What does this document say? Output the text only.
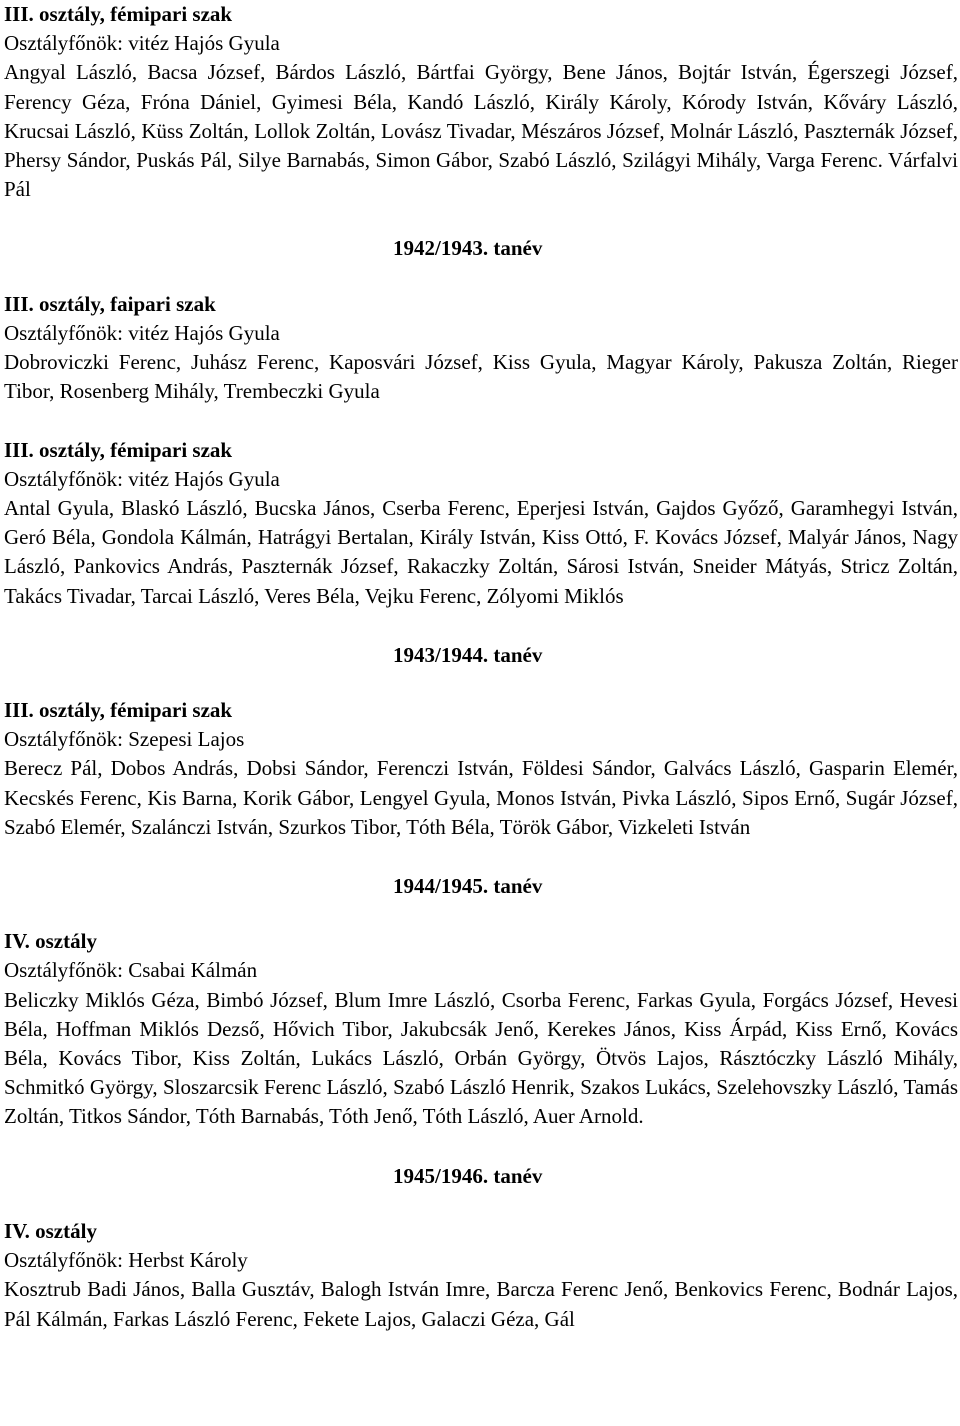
III. osztály, fémipari szak

Osztályfőnök: vitéz Hajós Gyula

Angyal László, Bacsa József, Bárdos László, Bártfai György, Bene János, Bojtár István, Égerszegi József, Ferency Géza, Fróna Dániel, Gyimesi Béla, Kandó László, Király Károly, Kórody István, Kőváry László, Krucsai László, Küss Zoltán, Lollok Zoltán, Lovász Tivadar, Mészáros József, Molnár László, Paszternák József, Phersy Sándor, Puskás Pál, Silye Barnabás, Simon Gábor, Szabó László, Szilágyi Mihály, Varga Ferenc. Várfalvi Pál

1942/1943. tanév

III. osztály, faipari szak

Osztályfőnök: vitéz Hajós Gyula

Dobroviczki Ferenc, Juhász Ferenc, Kaposvári József, Kiss Gyula, Magyar Károly, Pakusza Zoltán, Rieger Tibor, Rosenberg Mihály, Trembeczki Gyula

III. osztály, fémipari szak

Osztályfőnök: vitéz Hajós Gyula

Antal Gyula, Blaskó László, Bucska János, Cserba Ferenc, Eperjesi István, Gajdos Győző, Garamhegyi István, Geró Béla, Gondola Kálmán, Hatrágyi Bertalan, Király István, Kiss Ottó, F. Kovács József, Malyár János, Nagy László, Pankovics András, Paszternák József, Rakaczky Zoltán, Sárosi István, Sneider Mátyás, Stricz Zoltán, Takács Tivadar, Tarcai László, Veres Béla, Vejku Ferenc, Zólyomi Miklós

1943/1944. tanév

III. osztály, fémipari szak

Osztályfőnök: Szepesi Lajos

Berecz Pál, Dobos András, Dobsi Sándor, Ferenczi István, Földesi Sándor, Galvács László, Gasparin Elemér, Kecskés Ferenc, Kis Barna, Korik Gábor, Lengyel Gyula, Monos István, Pivka László, Sipos Ernő, Sugár József, Szabó Elemér, Szalánczi István, Szurkos Tibor, Tóth Béla, Török Gábor, Vizkeleti István

1944/1945. tanév

IV. osztály

Osztályfőnök: Csabai Kálmán

Beliczky Miklós Géza, Bimbó József, Blum Imre László, Csorba Ferenc, Farkas Gyula, Forgács József, Hevesi Béla, Hoffman Miklós Dezső, Hővich Tibor, Jakubcsák Jenő, Kerekes János, Kiss Árpád, Kiss Ernő, Kovács Béla, Kovács Tibor, Kiss Zoltán, Lukács László, Orbán György, Ötvös Lajos, Rásztóczky László Mihály, Schmitkó György, Sloszarcsik Ferenc László, Szabó László Henrik, Szakos Lukács, Szelehovszky László, Tamás Zoltán, Titkos Sándor, Tóth Barnabás, Tóth Jenő, Tóth László, Auer Arnold.

1945/1946. tanév

IV. osztály

Osztályfőnök: Herbst Károly

Kosztrub Badi János, Balla Gusztáv, Balogh István Imre, Barcza Ferenc Jenő, Benkovics Ferenc, Bodnár Lajos, Pál Kálmán, Farkas László Ferenc, Fekete Lajos, Galaczi Géza, Gál
